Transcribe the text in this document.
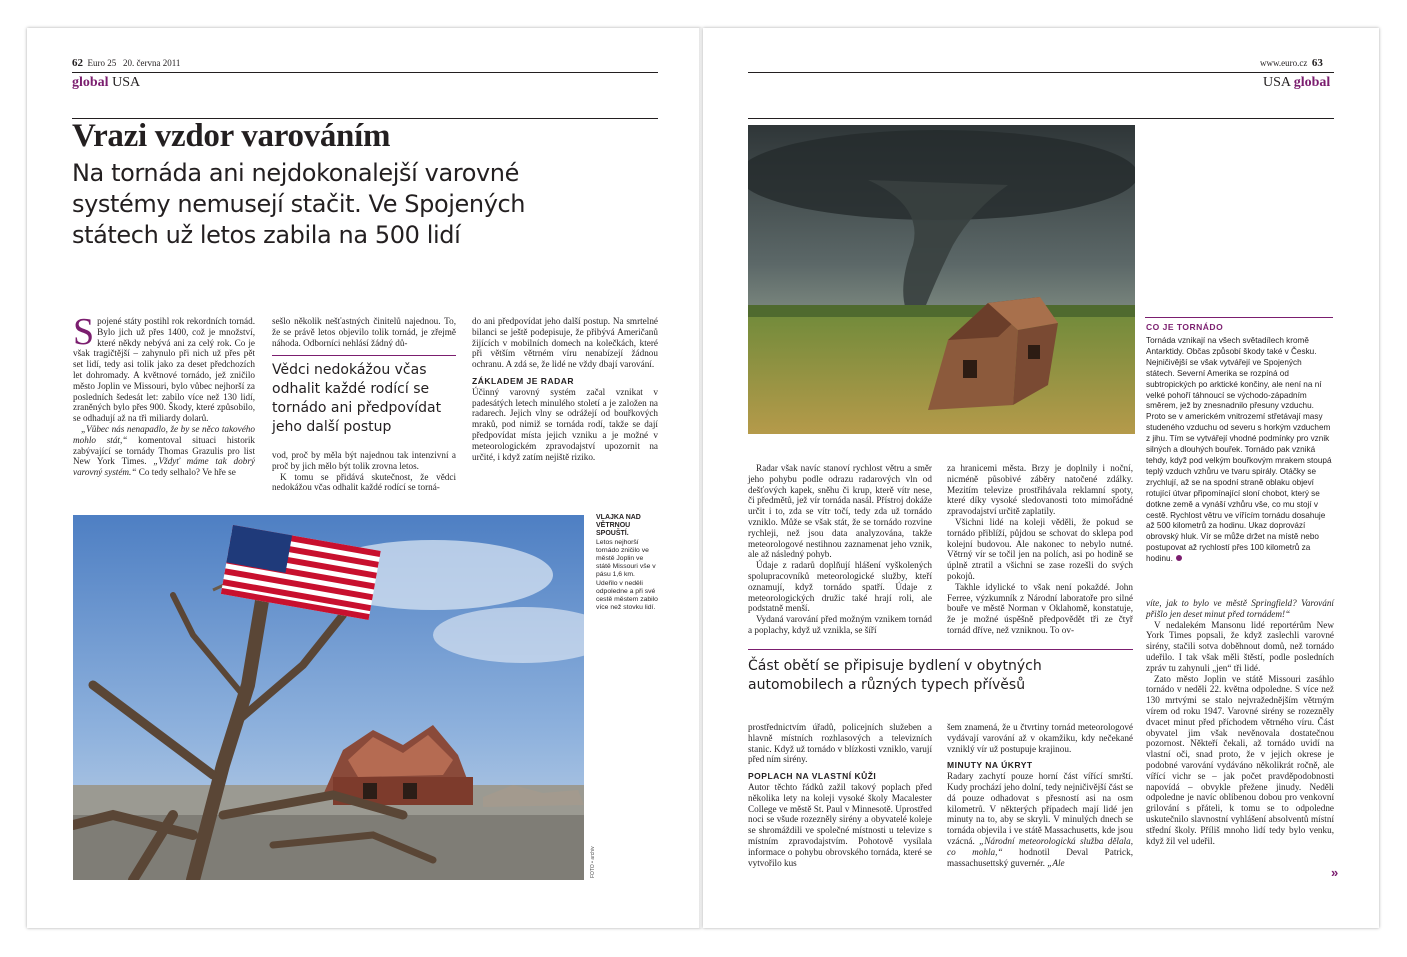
62 Euro 25 20. června 2011
global USA
Vrazi vzdor varováním
Na tornáda ani nejdokonalejší varovné systémy nemusejí stačit. Ve Spojených státech už letos zabila na 500 lidí

Spojené státy postihl rok rekordních tornád. Bylo jich už přes 1400, což je množství, které někdy nebývá ani za celý rok. Co je však tragičtější – zahynulo při nich už přes pět set lidí, tedy asi tolik jako za deset předchozích let dohromady. A květnové tornádo, jež zničilo město Joplin ve Missouri, bylo vůbec nejhorší za posledních šedesát let: zabilo více než 130 lidí, zraněných bylo přes 900. Škody, které způsobilo, se odhadují až na tři miliardy dolarů.

„Vůbec nás nenapadlo, že by se něco takového mohlo stát,“ komentoval situaci historik zabývající se tornády Thomas Grazulis pro list New York Times. „Vždyť máme tak dobrý varovný systém.“ Co tedy selhalo? Ve hře se

sešlo několik nešťastných činitelů najednou. To, že se právě letos objevilo tolik tornád, je zřejmě náhoda. Odborníci nehlásí žádný dů-

Vědci nedokážou včas odhalit každé rodící se tornádo ani předpovídat jeho další postup

vod, proč by měla být najednou tak intenzivní a proč by jich mělo být tolik zrovna letos.

K tomu se přidává skutečnost, že vědci nedokážou včas odhalit každé rodící se torná-

do ani předpovídat jeho další postup. Na smrtelné bilanci se ještě podepisuje, že přibývá Američanů žijících v mobilních domech na kolečkách, které při větším větrném víru nenabízejí žádnou ochranu. A zdá se, že lidé ne vždy dbají varování.

ZÁKLADEM JE RADAR

Účinný varovný systém začal vznikat v padesátých letech minulého století a je založen na radarech. Jejich vlny se odrážejí od bouřkových mraků, pod nimiž se tornáda rodí, takže se dají předpovídat místa jejich vzniku a je možné v meteorologickém zpravodajství upozornit na určité, i když zatím nejiště riziko.

VLAJKA NAD VĚTRNOU SPOUŠTÍ.
Letos nejhorší tornádo zničilo ve městě Joplin ve státě Missouri vše v pásu 1,6 km. Udeřilo v neděli odpoledne a při své cestě městem zabilo více než stovku lidí.
FOTO • archiv
www.euro.cz 63
USA global
CO JE TORNÁDO
Tornáda vznikají na všech světadílech kromě Antarktidy. Občas způsobí škody také v Česku. Nejničivější se však vytvářejí ve Spojených státech. Severní Amerika se rozpíná od subtropických po arktické končiny, ale není na ní velké pohoří táhnoucí se východo-západním směrem, jež by znesnadnilo přesuny vzduchu. Proto se v americkém vnitrozemí střetávají masy studeného vzduchu od severu s horkým vzduchem z jihu. Tím se vytvářejí vhodné podmínky pro vznik silných a dlouhých bouřek. Tornádo pak vzniká tehdy, když pod velkým bouřkovým mrakem stoupá teplý vzduch vzhůru ve tvaru spirály. Otáčky se zrychlují, až se na spodní straně oblaku objeví rotující útvar připomínající sloní chobot, který se dotkne země a vynáší vzhůru vše, co mu stojí v cestě. Rychlost větru ve vířícím tornádu dosahuje až 500 kilometrů za hodinu. Ukaz doprovází obrovský hluk. Vír se může držet na místě nebo postupovat až rychlostí přes 100 kilometrů za hodinu.

Radar však navíc stanoví rychlost větru a směr jeho pohybu podle odrazu radarových vln od dešťových kapek, sněhu či krup, kterě vítr nese, či předmětů, jež vír tornáda nasál. Přístroj dokáže určit i to, zda se vítr točí, tedy zda už tornádo vzniklo. Může se však stát, že se tornádo rozvine rychleji, než jsou data analyzována, takže meteorologové nestihnou zaznamenat jeho vznik, ale až následný pohyb.

Údaje z radarů doplňují hlášení vyškolených spolupracovníků meteorologické služby, kteří oznamují, když tornádo spatří. Údaje z meteorologických družic také hrají roli, ale podstatně menší.

Vydaná varování před možným vznikem tornád a poplachy, když už vznikla, se šíří

za hranicemi města. Brzy je doplnily i noční, nicméně působivé záběry natočené zdálky. Mezitím televize prostřihávala reklamní spoty, které díky vysoké sledovanosti toto mimořádné zpravodajství určitě zaplatily.

Všichni lidé na koleji věděli, že pokud se tornádo přiblíží, půjdou se schovat do sklepa pod kolejní budovou. Ale nakonec to nebylo nutné. Větrný vír se točil jen na polích, asi po hodině se úplně ztratil a všichni se zase rozešli do svých pokojů.

Takhle idylické to však není pokaždé. John Ferree, výzkumník z Národní laboratoře pro silné bouře ve městě Norman v Oklahomě, konstatuje, že je možné úspěšně předpovědět tři ze čtyř tornád dříve, než vzniknou. To ov-

Část obětí se připisuje bydlení v obytných automobilech a různých typech přívěsů

prostřednictvím úřadů, policejních služeben a hlavně místních rozhlasových a televizních stanic. Když už tornádo v blízkosti vzniklo, varují před ním sirény.

POPLACH NA VLASTNÍ KŮŽI

Autor těchto řádků zažil takový poplach před několika lety na koleji vysoké školy Macalester College ve městě St. Paul v Minnesotě. Uprostřed noci se všude rozezněly sirény a obyvatelé koleje se shromáždili ve společné místnosti u televize s místním zpravodajstvím. Pohotově vysílala informace o pohybu obrovského tornáda, které se vytvořilo kus

šem znamená, že u čtvrtiny tornád meteorologové vydávají varování až v okamžiku, kdy nečekané vzniklý vír už postupuje krajinou.

MINUTY NA ÚKRYT

Radary zachytí pouze horní část vířící smrští. Kudy prochází jeho dolní, tedy nejničivější část se dá pouze odhadovat s přesností asi na osm kilometrů. V některých případech mají lidé jen minuty na to, aby se skryli. V minulých dnech se tornáda objevila i ve státě Massachusetts, kde jsou vzácná. „Národní meteorologická služba dělala, co mohla,“ hodnotil Deval Patrick, massachusettský guvernér. „Ale

víte, jak to bylo ve městě Springfield? Varování přišlo jen deset minut před tornádem!“

V nedalekém Mansonu lidé reportérům New York Times popsali, že když zaslechli varovné sirény, stačili sotva doběhnout domů, než tornádo udeřilo. I tak však měli štěstí, podle posledních zpráv tu zahynuli „jen“ tři lidé.

Zato město Joplin ve státě Missouri zasáhlo tornádo v neděli 22. května odpoledne. S více než 130 mrtvými se stalo nejvražednějším větrným vírem od roku 1947. Varovné sirény se rozezněly dvacet minut před příchodem větrného víru. Část obyvatel jim však nevěnovala dostatečnou pozornost. Někteří čekali, až tornádo uvidí na vlastní oči, snad proto, že v jejich okrese je podobné varování vydáváno několikrát ročně, ale vířící vichr se – jak počet pravděpodobnosti napovídá – obvykle přežene jinudy. Neděli odpoledne je navíc oblíbenou dobou pro venkovní grilování s přáteli, k tomu se to odpoledne uskutečnilo slavnostní vyhlášení absolventů místní střední školy. Příliš mnoho lidí tedy bylo venku, když žil vel udeřil.

»
